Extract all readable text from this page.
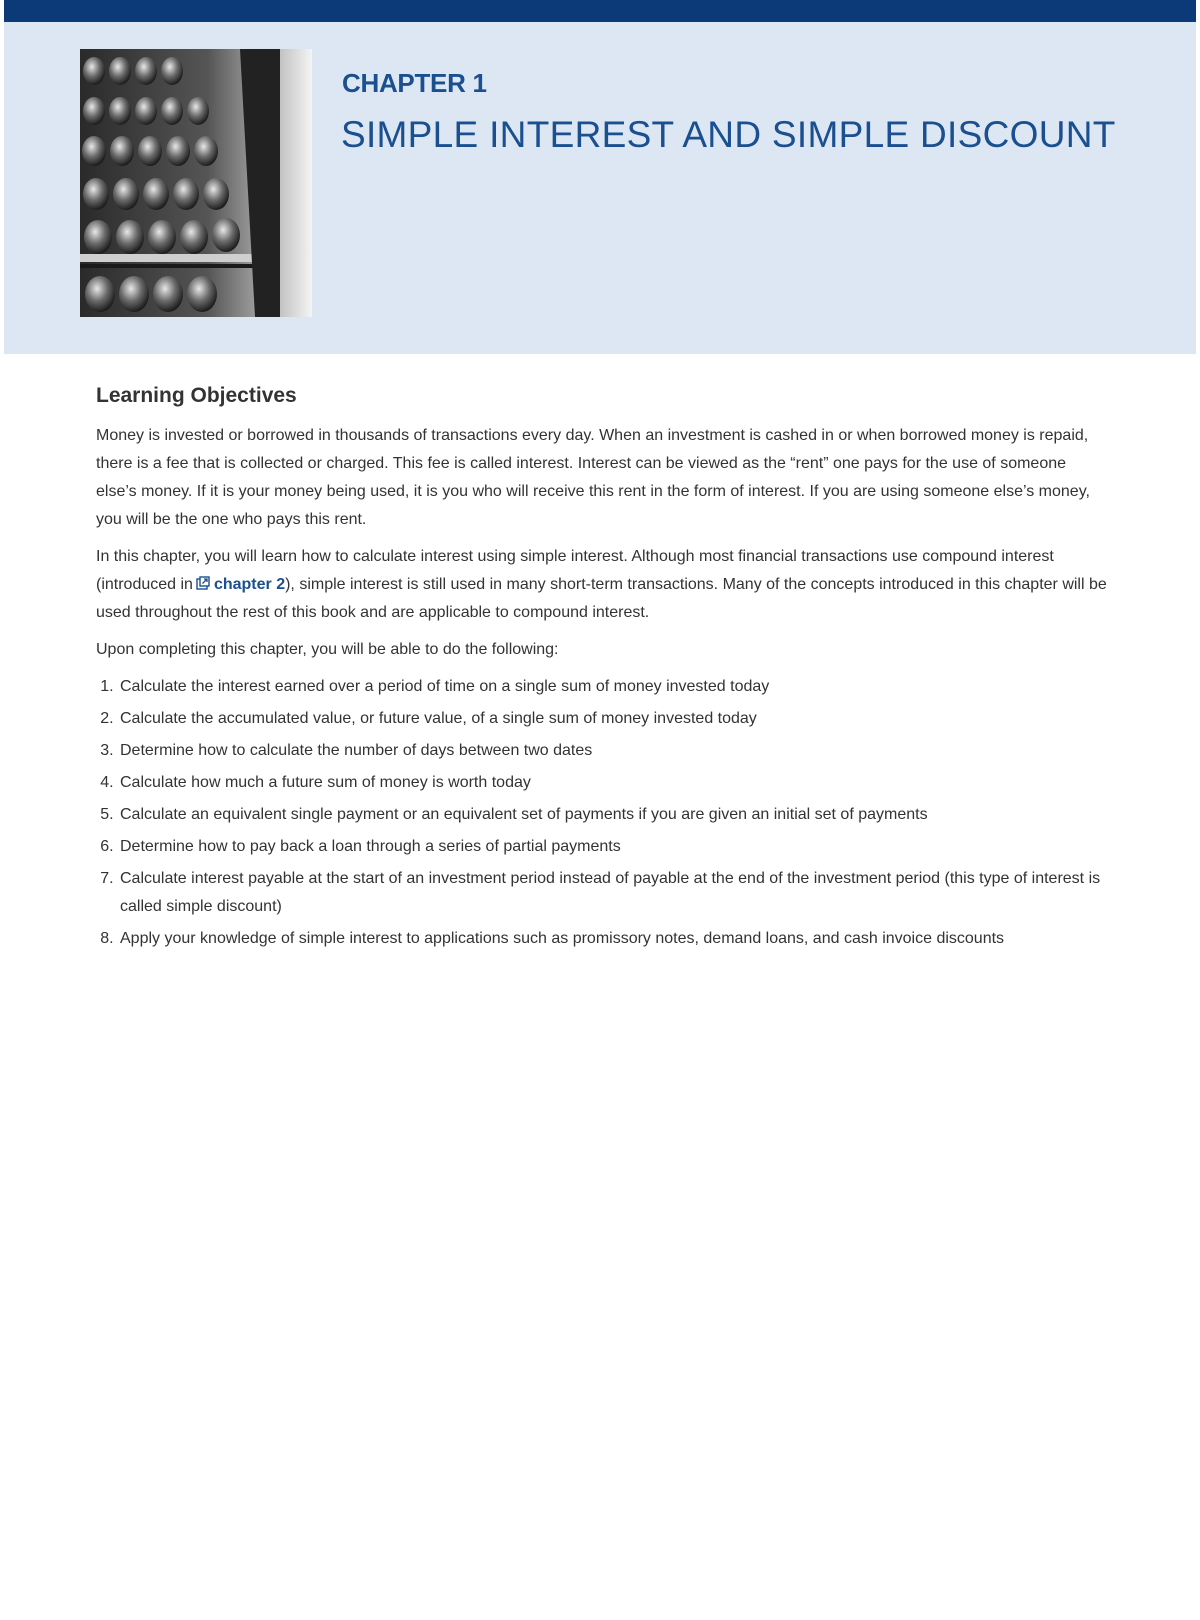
CHAPTER 1
SIMPLE INTEREST AND SIMPLE DISCOUNT
Learning Objectives

Money is invested or borrowed in thousands of transactions every day. When an investment is cashed in or when borrowed money is repaid, there is a fee that is collected or charged. This fee is called interest. Interest can be viewed as the “rent” one pays for the use of someone else’s money. If it is your money being used, it is you who will receive this rent in the form of interest. If you are using someone else’s money, you will be the one who pays this rent.

In this chapter, you will learn how to calculate interest using simple interest. Although most financial transactions use compound interest (introduced in chapter 2), simple interest is still used in many short-term transactions. Many of the concepts introduced in this chapter will be used throughout the rest of this book and are applicable to compound interest.

Upon completing this chapter, you will be able to do the following:

1. Calculate the interest earned over a period of time on a single sum of money invested today
2. Calculate the accumulated value, or future value, of a single sum of money invested today
3. Determine how to calculate the number of days between two dates
4. Calculate how much a future sum of money is worth today
5. Calculate an equivalent single payment or an equivalent set of payments if you are given an initial set of payments
6. Determine how to pay back a loan through a series of partial payments
7. Calculate interest payable at the start of an investment period instead of payable at the end of the investment period (this type of interest is called simple discount)
8. Apply your knowledge of simple interest to applications such as promissory notes, demand loans, and cash invoice discounts
